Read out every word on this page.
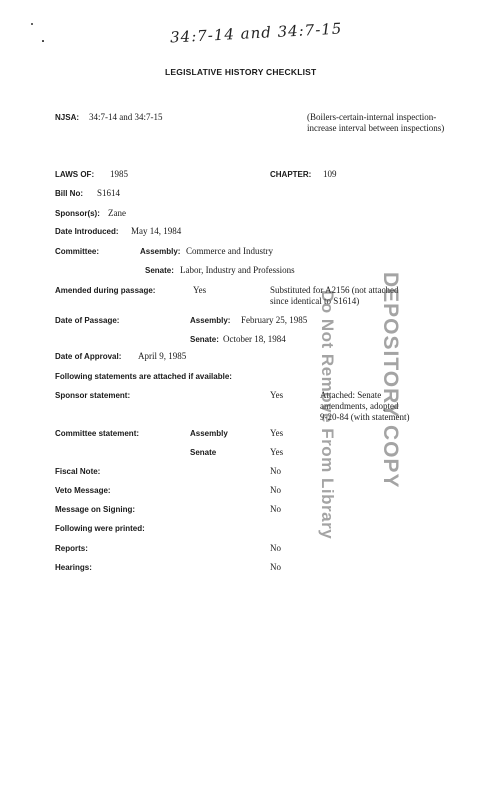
34:7-14 and 34:7-15
LEGISLATIVE HISTORY CHECKLIST
NJSA: 34:7-14 and 34:7-15	(Boilers-certain-internal inspection-increase interval between inspections)
LAWS OF: 1985	CHAPTER: 109
Bill No: S1614
Sponsor(s): Zane
Date Introduced: May 14, 1984
Committee:	Assembly: Commerce and Industry
Senate: Labor, Industry and Professions
Amended during passage:	Yes	Substituted for A2156 (not attached
since identical to S1614)
Date of Passage:	Assembly: February 25, 1985
Senate: October 18, 1984
Date of Approval: April 9, 1985
Following statements are attached if available:
Sponsor statement:	Yes	Attached: Senate
amendments, adopted
9-20-84 (with statement)
Committee statement:	Assembly	Yes
Senate	Yes
Fiscal Note:	No
Veto Message:	No
Message on Signing:	No
Following were printed:
Reports:	No
Hearings:	No
DEPOSITORY COPY
Do Not Remove From Library
